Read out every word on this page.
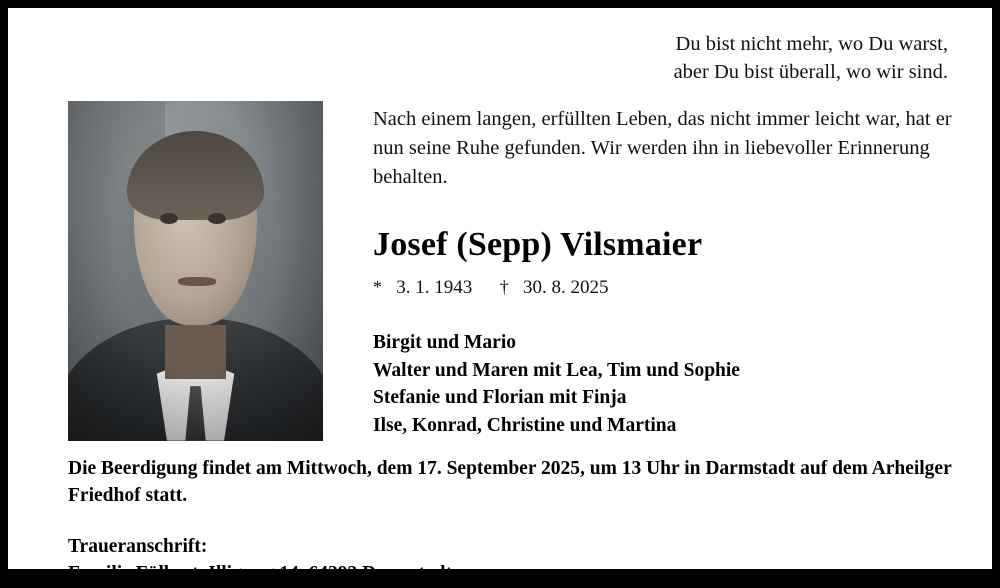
Du bist nicht mehr, wo Du warst,
aber Du bist überall, wo wir sind.
Nach einem langen, erfüllten Leben, das nicht immer leicht war, hat er nun seine Ruhe gefunden. Wir werden ihn in liebevoller Erinnerung behalten.
Josef (Sepp) Vilsmaier
* 3. 1. 1943 † 30. 8. 2025
Birgit und Mario
Walter und Maren mit Lea, Tim und Sophie
Stefanie und Florian mit Finja
Ilse, Konrad, Christine und Martina
Die Beerdigung findet am Mittwoch, dem 17. September 2025, um 13 Uhr in Darmstadt auf dem Arheilger Friedhof statt.
Traueranschrift:
Familie Fülbert, Illigweg 14, 64293 Darmstadt
